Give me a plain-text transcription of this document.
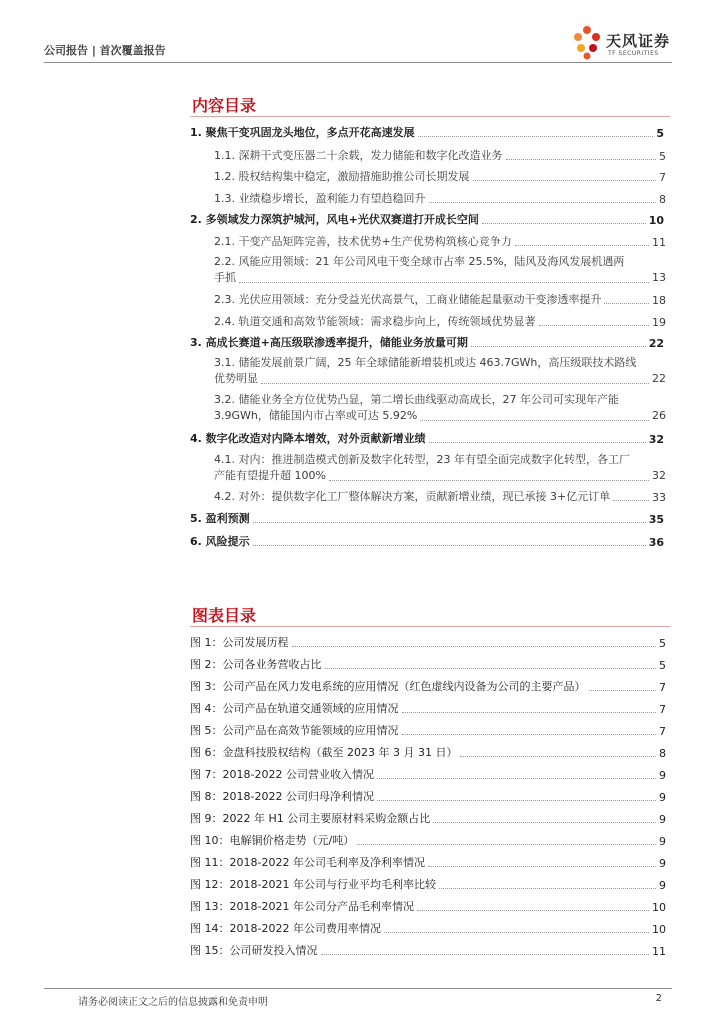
公司报告 | 首次覆盖报告
天风证券
TF SECURITIES
内容目录
1. 聚焦干变巩固龙头地位，多点开花高速发展	5
1.1. 深耕干式变压器二十余载，发力储能和数字化改造业务	5
1.2. 股权结构集中稳定，激励措施助推公司长期发展	7
1.3. 业绩稳步增长，盈利能力有望趋稳回升	8
2. 多领域发力深筑护城河，风电+光伏双赛道打开成长空间	10
2.1. 干变产品矩阵完善，技术优势+生产优势构筑核心竞争力	11
2.2. 风能应用领域：21 年公司风电干变全球市占率 25.5%，陆风及海风发展机遇两
手抓	13
2.3. 光伏应用领域：充分受益光伏高景气，工商业储能起量驱动干变渗透率提升	18
2.4. 轨道交通和高效节能领域：需求稳步向上，传统领域优势显著	19
3. 高成长赛道+高压级联渗透率提升，储能业务放量可期	22
3.1. 储能发展前景广阔，25 年全球储能新增装机或达 463.7GWh，高压级联技术路线
优势明显	22
3.2. 储能业务全方位优势凸显，第二增长曲线驱动高成长，27 年公司可实现年产能
3.9GWh，储能国内市占率或可达 5.92%	26
4. 数字化改造对内降本增效，对外贡献新增业绩	32
4.1. 对内：推进制造模式创新及数字化转型，23 年有望全面完成数字化转型，各工厂
产能有望提升超 100%	32
4.2. 对外：提供数字化工厂整体解决方案，贡献新增业绩，现已承接 3+亿元订单	33
5. 盈利预测	35
6. 风险提示	36
图表目录
图 1：公司发展历程	5
图 2：公司各业务营收占比	5
图 3：公司产品在风力发电系统的应用情况（红色虚线内设备为公司的主要产品）	7
图 4：公司产品在轨道交通领域的应用情况	7
图 5：公司产品在高效节能领域的应用情况	7
图 6：金盘科技股权结构（截至 2023 年 3 月 31 日）	8
图 7：2018-2022 公司营业收入情况	9
图 8：2018-2022 公司归母净利情况	9
图 9：2022 年 H1 公司主要原材料采购金额占比	9
图 10：电解铜价格走势（元/吨）	9
图 11：2018-2022 年公司毛利率及净利率情况	9
图 12：2018-2021 年公司与行业平均毛利率比较	9
图 13：2018-2021 年公司分产品毛利率情况	10
图 14：2018-2022 年公司费用率情况	10
图 15：公司研发投入情况	11
请务必阅读正文之后的信息披露和免责申明	2
